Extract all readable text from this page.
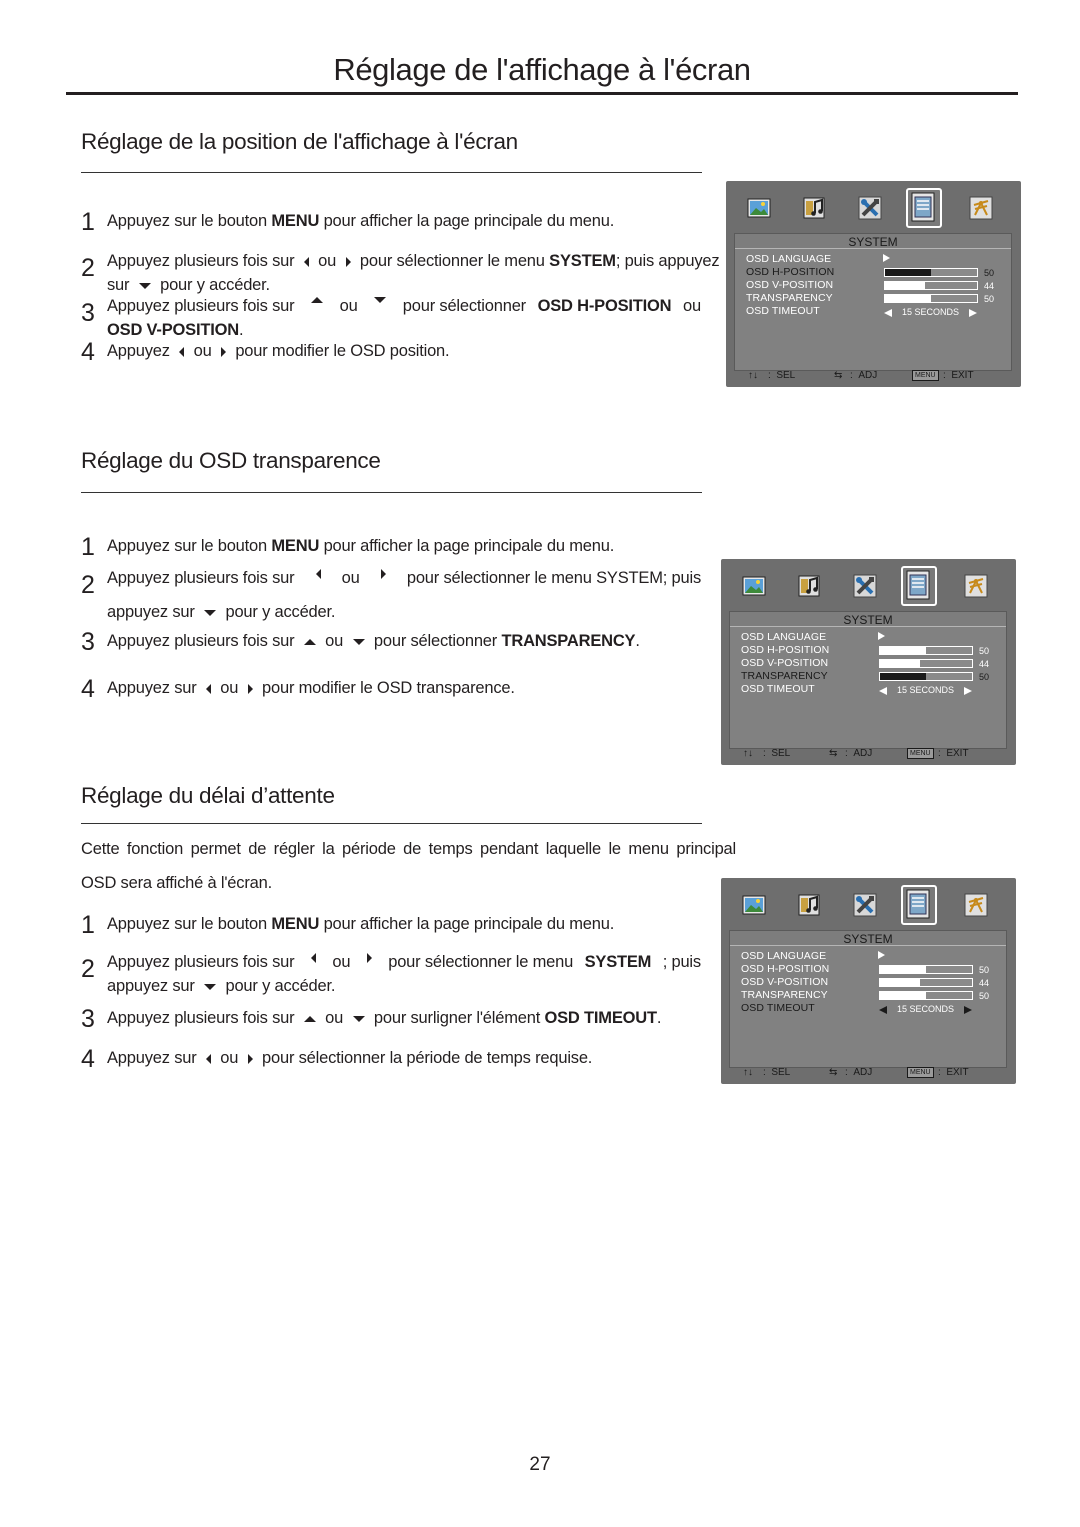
Réglage de l'affichage à l'écran
Réglage de la position de l'affichage à l'écran
1 Appuyez sur le bouton MENU pour afficher la page principale du menu.
2 Appuyez plusieurs fois sur  ou  pour sélectionner le menu SYSTEM; puis appuyez
sur  pour y accéder.
3 Appuyez plusieurs fois sur	ou	pour sélectionner OSD H-POSITION ou
OSD V-POSITION.
4 Appuyez  ou  pour modifier le OSD position.
Réglage du OSD transparence
1 Appuyez sur le bouton MENU pour afficher la page principale du menu.
2 Appuyez plusieurs fois sur	ou	pour sélectionner le menu SYSTEM; puis
appuyez sur  pour y accéder.
3 Appuyez plusieurs fois sur  ou  pour sélectionner TRANSPARENCY.
4 Appuyez sur  ou  pour modifier le OSD transparence.
Réglage du délai d’attente
Cette fonction permet de régler la période de temps pendant laquelle le menu principal
OSD sera affiché à l'écran.
1 Appuyez sur le bouton MENU pour afficher la page principale du menu.
2 Appuyez plusieurs fois sur ou pour sélectionner le menu SYSTEM ; puis
appuyez sur  pour y accéder.
3 Appuyez plusieurs fois sur  ou  pour surligner l'élément OSD TIMEOUT.
4 Appuyez sur  ou  pour sélectionner la période de temps requise.
SYSTEM
OSD LANGUAGE
OSD H-POSITION	50
OSD V-POSITION	44
TRANSPARENCY	50
OSD TIMEOUT	15 SECONDS
↑↓ :  SEL	⇆ :  ADJ	MENU :  EXIT
SYSTEM
OSD LANGUAGE
OSD H-POSITION	50
OSD V-POSITION	44
TRANSPARENCY	50
OSD TIMEOUT	15 SECONDS
↑↓ :  SEL	⇆ :  ADJ	MENU :  EXIT
SYSTEM
OSD LANGUAGE
OSD H-POSITION	50
OSD V-POSITION	44
TRANSPARENCY	50
OSD TIMEOUT	15 SECONDS
↑↓ :  SEL	⇆ :  ADJ	MENU :  EXIT
27
